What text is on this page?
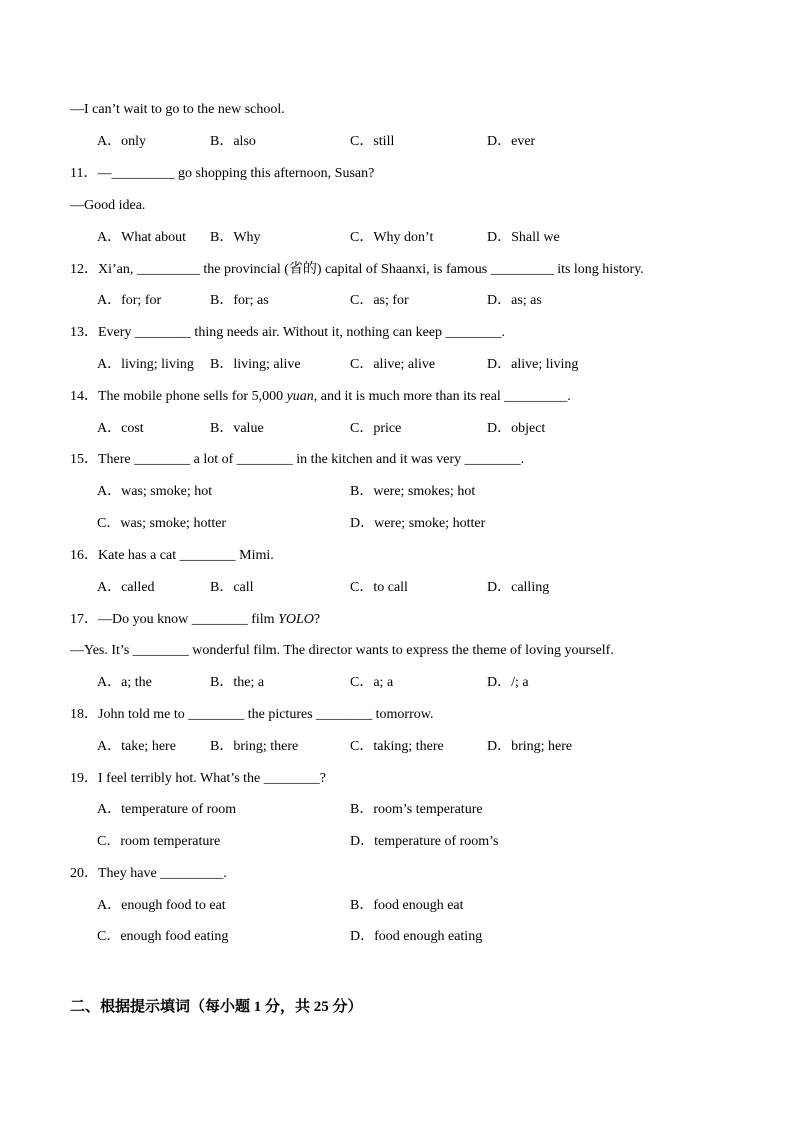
—I can’t wait to go to the new school.
A．only	B．also	C．still	D．ever
11．—_________ go shopping this afternoon, Susan?
—Good idea.
A．What about B．Why	C．Why don’t	D．Shall we
12．Xi’an, _________ the provincial (省的) capital of Shaanxi, is famous _________ its long history.
A．for; for	B．for; as	C．as; for	D．as; as
13．Every ________ thing needs air. Without it, nothing can keep ________.
A．living; living B．living; alive	C．alive; alive	D．alive; living
14．The mobile phone sells for 5,000 yuan, and it is much more than its real _________.
A．cost	B．value	C．price	D．object
15．There ________ a lot of ________ in the kitchen and it was very ________.
A．was; smoke; hot	B．were; smokes; hot
C．was; smoke; hotter	D．were; smoke; hotter
16．Kate has a cat ________ Mimi.
A．called	B．call	C．to call	D．calling
17．—Do you know ________ film YOLO?
—Yes. It’s ________ wonderful film. The director wants to express the theme of loving yourself.
A．a; the	B．the; a	C．a; a	D．/; a
18．John told me to ________ the pictures ________ tomorrow.
A．take; here B．bring; there	C．taking; there	D．bring; here
19．I feel terribly hot. What’s the ________?
A．temperature of room	B．room’s temperature
C．room temperature	D．temperature of room’s
20．They have _________.
A．enough food to eat	B．food enough eat
C．enough food eating	D．food enough eating
二、根据提示填词（每小题 1 分，共 25 分）
